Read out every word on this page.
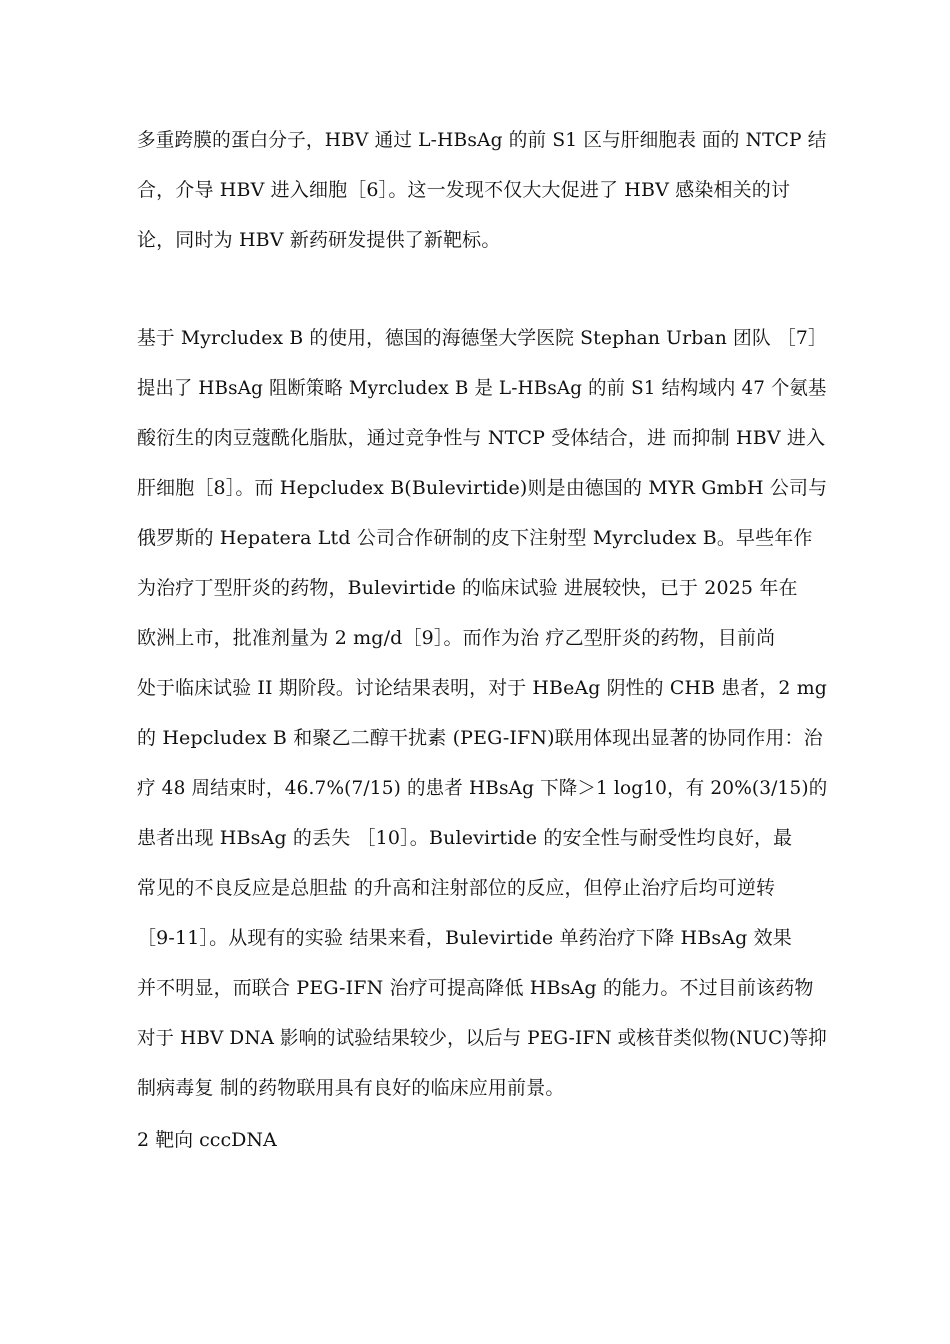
多重跨膜的蛋白分子，HBV 通过 L-HBsAg 的前 S1 区与肝细胞表 面的 NTCP 结
合，介导 HBV 进入细胞［6］。这一发现不仅大大促进了 HBV 感染相关的讨
论，同时为 HBV 新药研发提供了新靶标。
基于 Myrcludex B 的使用，德国的海德堡大学医院 Stephan Urban 团队 ［7］
提出了 HBsAg 阻断策略 Myrcludex B 是 L-HBsAg 的前 S1 结构域内 47 个氨基
酸衍生的肉豆蔻酰化脂肽，通过竞争性与 NTCP 受体结合，进 而抑制 HBV 进入
肝细胞［8］。而 Hepcludex B(Bulevirtide)则是由德国的 MYR GmbH 公司与
俄罗斯的 Hepatera Ltd 公司合作研制的皮下注射型 Myrcludex B。早些年作
为治疗丁型肝炎的药物，Bulevirtide 的临床试验 进展较快，已于 2025 年在
欧洲上市，批准剂量为 2 mg/d［9］。而作为治 疗乙型肝炎的药物，目前尚
处于临床试验 II 期阶段。讨论结果表明，对于 HBeAg 阴性的 CHB 患者，2 mg
的 Hepcludex B 和聚乙二醇干扰素 (PEG-IFN)联用体现出显著的协同作用：治
疗 48 周结束时，46.7%(7/15) 的患者 HBsAg 下降＞1 log10，有 20%(3/15)的
患者出现 HBsAg 的丢失 ［10］。Bulevirtide 的安全性与耐受性均良好，最
常见的不良反应是总胆盐 的升高和注射部位的反应，但停止治疗后均可逆转
［9-11］。从现有的实验 结果来看，Bulevirtide 单药治疗下降 HBsAg 效果
并不明显，而联合 PEG-IFN 治疗可提高降低 HBsAg 的能力。不过目前该药物
对于 HBV DNA 影响的试验结果较少，以后与 PEG-IFN 或核苷类似物(NUC)等抑
制病毒复 制的药物联用具有良好的临床应用前景。
2 靶向 cccDNA
